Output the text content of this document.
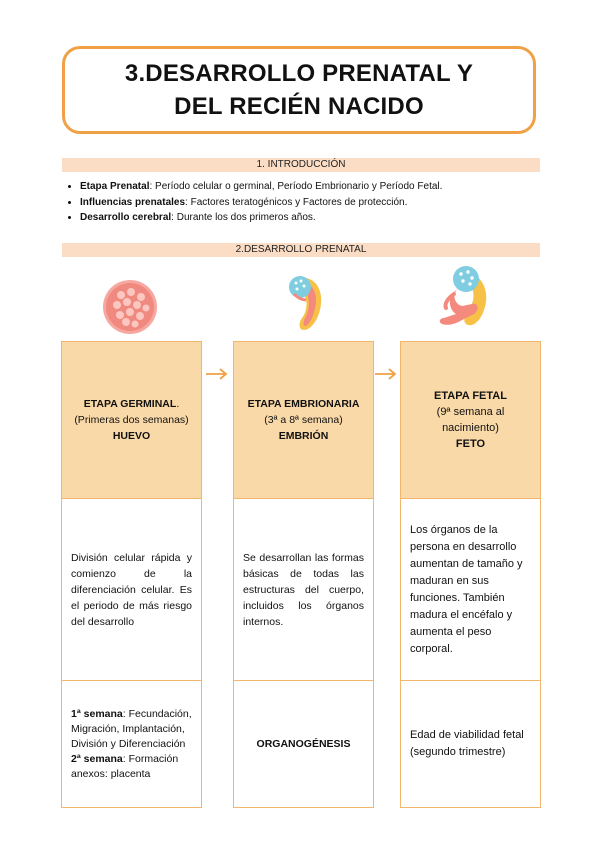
3.DESARROLLO PRENATAL Y
DEL RECIÉN NACIDO
1. INTRODUCCIÓN
• Etapa Prenatal: Período celular o germinal, Período Embrionario y Período Fetal.
• Influencias prenatales: Factores teratogénicos y Factores de protección.
• Desarrollo cerebral: Durante los dos primeros años.
2.DESARROLLO PRENATAL
ETAPA GERMINAL.
(Primeras dos semanas)
HUEVO
División celular rápida y comienzo de la diferenciación celular. Es el periodo de más riesgo del desarrollo
1ª semana: Fecundación, Migración, Implantación, División y Diferenciación
2ª semana: Formación anexos: placenta
ETAPA EMBRIONARIA
(3ª a 8ª semana)
EMBRIÓN
Se desarrollan las formas básicas de todas las estructuras del cuerpo, incluidos los órganos internos.
ORGANOGÉNESIS
ETAPA FETAL
(9ª semana al nacimiento)
FETO
Los órganos de la persona en desarrollo aumentan de tamaño y maduran en sus funciones. También madura el encéfalo y aumenta el peso corporal.
Edad de viabilidad fetal (segundo trimestre)
